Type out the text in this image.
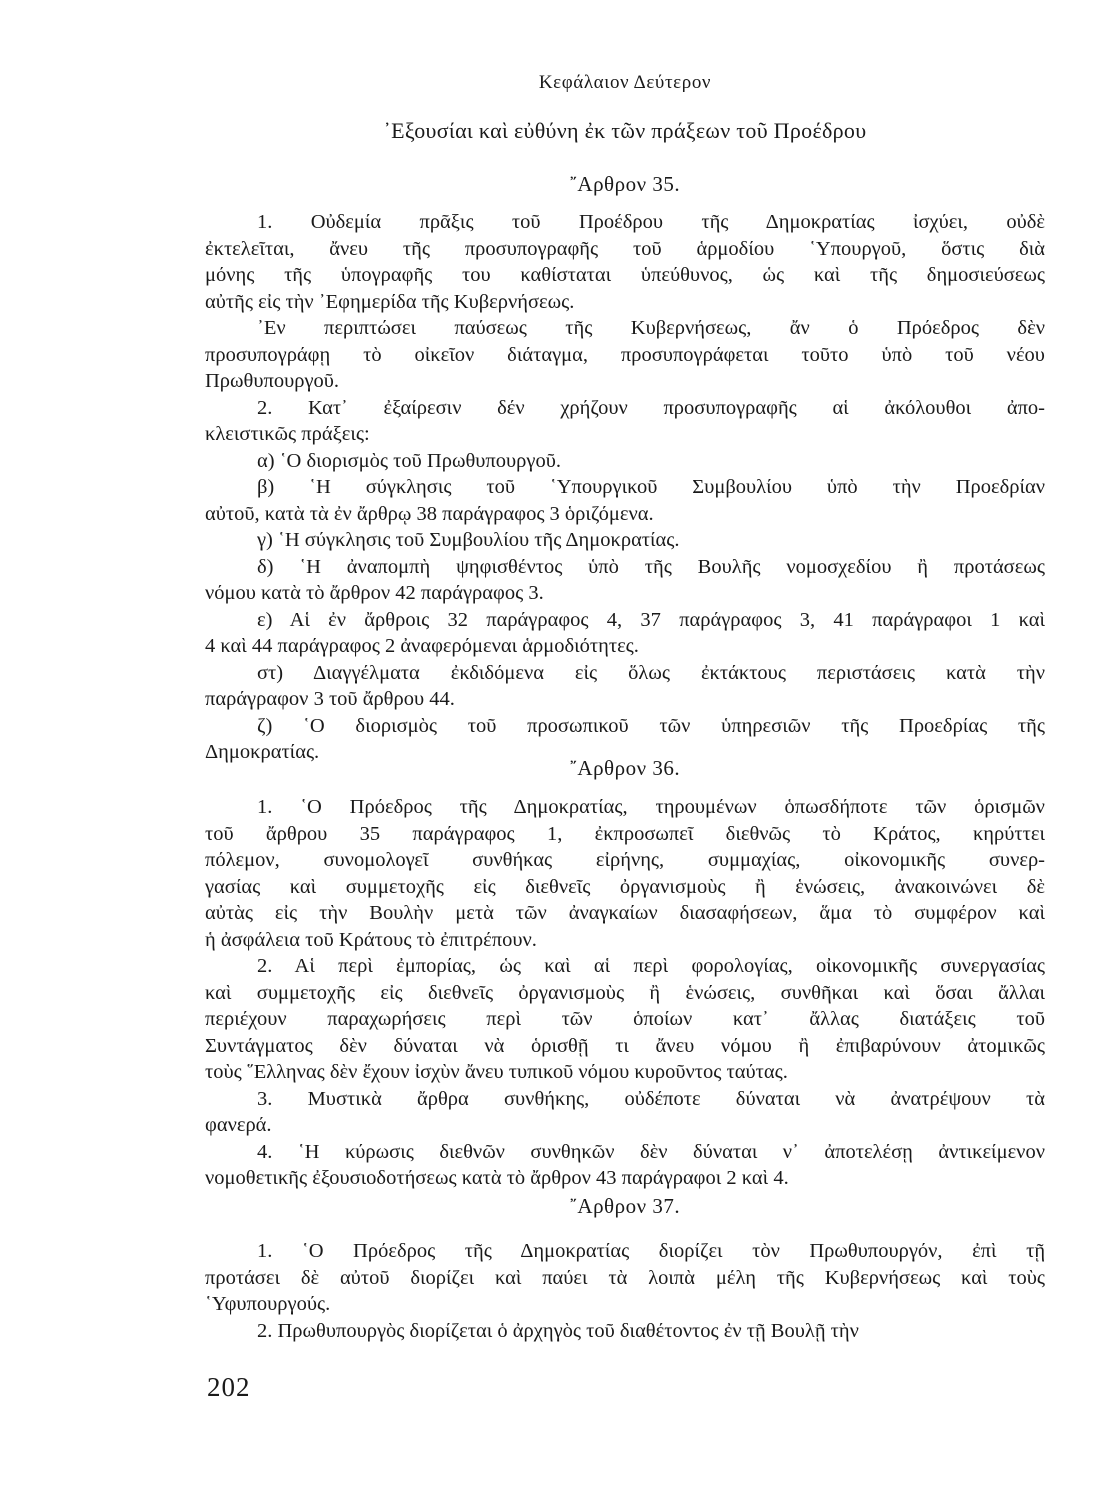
Κεφάλαιον Δεύτερον

᾿Εξουσίαι καὶ εὐθύνη ἐκ τῶν πράξεων τοῦ Προέδρου

῎Αρθρον 35.

1. Οὐδεμία πρᾶξις τοῦ Προέδρου τῆς Δημοκρατίας ἰσχύει, οὐδὲ
ἐκτελεῖται, ἄνευ τῆς προσυπογραφῆς τοῦ ἁρμοδίου ῾Υπουργοῦ, ὅστις διὰ
μόνης τῆς ὑπογραφῆς του καθίσταται ὑπεύθυνος, ὡς καὶ τῆς δημοσιεύσεως
αὐτῆς εἰς τὴν ᾿Εφημερίδα τῆς Κυβερνήσεως.

᾿Εν περιπτώσει παύσεως τῆς Κυβερνήσεως, ἄν ὁ Πρόεδρος δὲν
προσυπογράφῃ τὸ οἰκεῖον διάταγμα, προσυπογράφεται τοῦτο ὑπὸ τοῦ νέου
Πρωθυπουργοῦ.

2. Κατ᾿ ἐξαίρεσιν δέν χρήζουν προσυπογραφῆς αἱ ἀκόλουθοι ἀπο-
κλειστικῶς πράξεις:

α) ῾Ο διορισμὸς τοῦ Πρωθυπουργοῦ.

β) ῾Η σύγκλησις τοῦ ῾Υπουργικοῦ Συμβουλίου ὑπὸ τὴν Προεδρίαν
αὐτοῦ, κατὰ τὰ ἐν ἄρθρῳ 38 παράγραφος 3 ὁριζόμενα.

γ) ῾Η σύγκλησις τοῦ Συμβουλίου τῆς Δημοκρατίας.

δ) ῾Η ἀναπομπὴ ψηφισθέντος ὑπὸ τῆς Βουλῆς νομοσχεδίου ἢ προτάσεως
νόμου κατὰ τὸ ἄρθρον 42 παράγραφος 3.

ε) Αἱ ἐν ἄρθροις 32 παράγραφος 4, 37 παράγραφος 3, 41 παράγραφοι 1 καὶ
4 καὶ 44 παράγραφος 2 ἀναφερόμεναι ἁρμοδιότητες.

στ) Διαγγέλματα ἐκδιδόμενα εἰς ὅλως ἐκτάκτους περιστάσεις κατὰ τὴν
παράγραφον 3 τοῦ ἄρθρου 44.

ζ) ῾Ο διορισμὸς τοῦ προσωπικοῦ τῶν ὑπηρεσιῶν τῆς Προεδρίας τῆς
Δημοκρατίας.

῎Αρθρον 36.

1. ῾Ο Πρόεδρος τῆς Δημοκρατίας, τηρουμένων ὁπωσδήποτε τῶν ὁρισμῶν
τοῦ ἄρθρου 35 παράγραφος 1, ἐκπροσωπεῖ διεθνῶς τὸ Κράτος, κηρύττει
πόλεμον, συνομολογεῖ συνθήκας εἰρήνης, συμμαχίας, οἰκονομικῆς συνερ-
γασίας καὶ συμμετοχῆς εἰς διεθνεῖς ὀργανισμοὺς ἢ ἑνώσεις, ἀνακοινώνει δὲ
αὐτὰς εἰς τὴν Βουλὴν μετὰ τῶν ἀναγκαίων διασαφήσεων, ἅμα τὸ συμφέρον καὶ
ἡ ἀσφάλεια τοῦ Κράτους τὸ ἐπιτρέπουν.

2. Αἱ περὶ ἐμπορίας, ὡς καὶ αἱ περὶ φορολογίας, οἰκονομικῆς συνεργασίας
καὶ συμμετοχῆς εἰς διεθνεῖς ὀργανισμοὺς ἢ ἑνώσεις, συνθῆκαι καὶ ὅσαι ἄλλαι
περιέχουν παραχωρήσεις περὶ τῶν ὁποίων κατ᾿ ἄλλας διατάξεις τοῦ
Συντάγματος δὲν δύναται νὰ ὁρισθῇ τι ἄνευ νόμου ἢ ἐπιβαρύνουν ἀτομικῶς
τοὺς ῞Ελληνας δὲν ἔχουν ἰσχὺν ἄνευ τυπικοῦ νόμου κυροῦντος ταύτας.

3. Μυστικὰ ἄρθρα συνθήκης, οὐδέποτε δύναται νὰ ἀνατρέψουν τὰ
φανερά.

4. ῾Η κύρωσις διεθνῶν συνθηκῶν δὲν δύναται ν᾿ ἀποτελέσῃ ἀντικείμενον
νομοθετικῆς ἐξουσιοδοτήσεως κατὰ τὸ ἄρθρον 43 παράγραφοι 2 καὶ 4.

῎Αρθρον 37.

1. ῾Ο Πρόεδρος τῆς Δημοκρατίας διορίζει τὸν Πρωθυπουργόν, ἐπὶ τῇ
προτάσει δὲ αὐτοῦ διορίζει καὶ παύει τὰ λοιπὰ μέλη τῆς Κυβερνήσεως καὶ τοὺς
῾Υφυπουργούς.

2. Πρωθυπουργὸς διορίζεται ὁ ἀρχηγὸς τοῦ διαθέτοντος ἐν τῇ Βουλῇ τὴν

202
